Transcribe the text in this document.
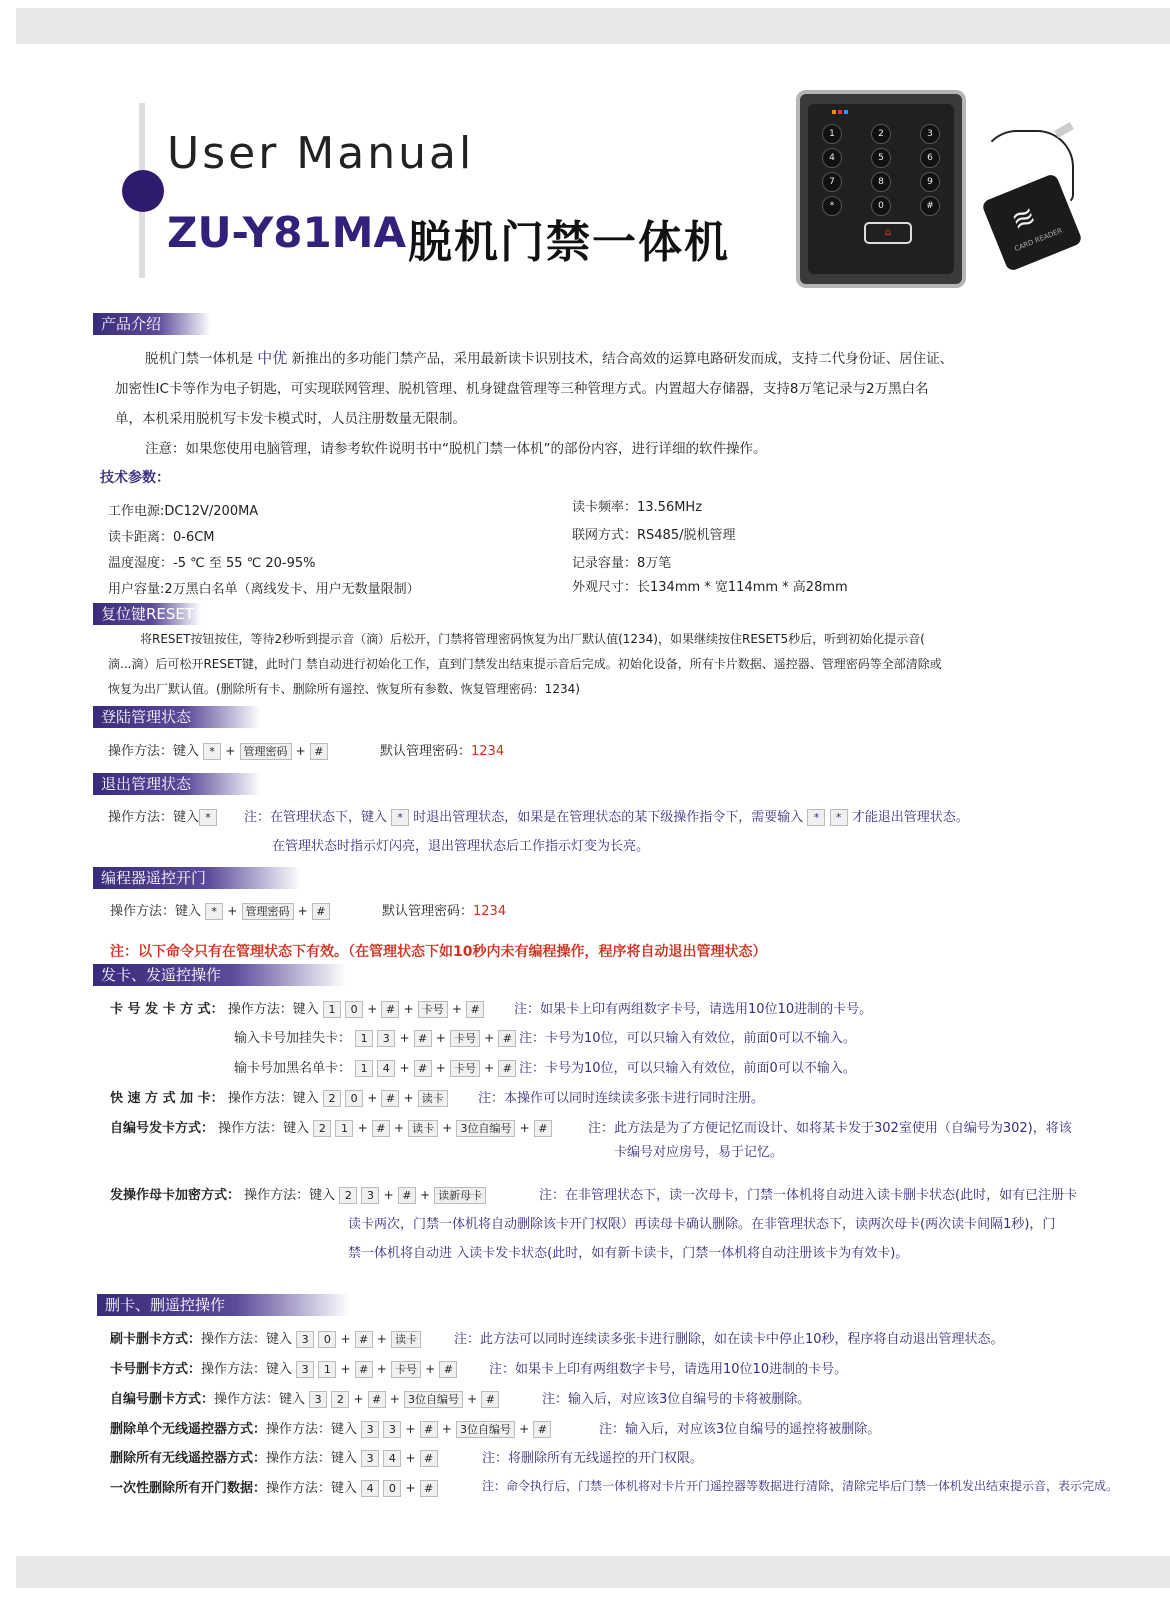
User Manual
ZU-Y81MA 脱机门禁一体机
1	2	3
4	5	6
7	8	9
*	0	#
⌂	≋
CARD READER
产品介绍
脱机门禁一体机是 中优 新推出的多功能门禁产品，采用最新读卡识别技术，结合高效的运算电路研发而成，支持二代身份证、居住证、
加密性IC卡等作为电子钥匙，可实现联网管理、脱机管理、机身键盘管理等三种管理方式。内置超大存储器，支持8万笔记录与2万黑白名
单，本机采用脱机写卡发卡模式时，人员注册数量无限制。
注意：如果您使用电脑管理，请参考软件说明书中“脱机门禁一体机”的部份内容，进行详细的软件操作。
技术参数：
工作电源:DC12V/200MA
读卡距离：0-6CM
温度湿度：-5 ℃ 至 55 ℃ 20-95%
用户容量:2万黑白名单（离线发卡、用户无数量限制）
读卡频率：13.56MHz
联网方式：RS485/脱机管理
记录容量：8万笔
外观尺寸：长134mm * 宽114mm * 高28mm
复位键RESET
将RESET按钮按住，等待2秒听到提示音（滴）后松开，门禁将管理密码恢复为出厂默认值(1234)，如果继续按住RESET5秒后，听到初始化提示音(
滴...滴）后可松开RESET键，此时门 禁自动进行初始化工作，直到门禁发出结束提示音后完成。初始化设备，所有卡片数据、遥控器、管理密码等全部清除或
恢复为出厂默认值。(删除所有卡、删除所有遥控、恢复所有参数、恢复管理密码：1234)
登陆管理状态
操作方法：键入 * + 管理密码 + #	默认管理密码：1234
退出管理状态
操作方法：键入 *	注：在管理状态下，键入 * 时退出管理状态，如果是在管理状态的某下级操作指令下，需要输入 * * 才能退出管理状态。
在管理状态时指示灯闪亮，退出管理状态后工作指示灯变为长亮。
编程器遥控开门
操作方法：键入 * + 管理密码 + #	默认管理密码：1234
注：以下命令只有在管理状态下有效。（在管理状态下如10秒内未有编程操作，程序将自动退出管理状态）
发卡、发遥控操作
卡 号 发 卡 方 式： 操作方法：键入 1 0 + # + 卡号 + #	注：如果卡上印有两组数字卡号，请选用10位10进制的卡号。
输入卡号加挂失卡： 1 3 + # + 卡号 + # 注：卡号为10位，可以只输入有效位，前面0可以不输入。
输卡号加黑名单卡： 1 4 + # + 卡号 + # 注：卡号为10位，可以只输入有效位，前面0可以不输入。
快 速 方 式 加 卡： 操作方法：键入 2 0 + # + 读卡	注：本操作可以同时连续读多张卡进行同时注册。
自编号发卡方式： 操作方法：键入 2 1 + # + 读卡 + 3位自编号 + #	注：此方法是为了方便记忆而设计、如将某卡发于302室使用（自编号为302)，将该
卡编号对应房号，易于记忆。
发操作母卡加密方式： 操作方法：键入 2 3 + # + 读新母卡	注：在非管理状态下，读一次母卡，门禁一体机将自动进入读卡删卡状态(此时，如有已注册卡
读卡两次，门禁一体机将自动删除该卡开门权限）再读母卡确认删除。在非管理状态下，读两次母卡(两次读卡间隔1秒)，门
禁一体机将自动进 入读卡发卡状态(此时，如有新卡读卡，门禁一体机将自动注册该卡为有效卡)。
删卡、删遥控操作
刷卡删卡方式：操作方法：键入 3 0 + # + 读卡	注：此方法可以同时连续读多张卡进行删除，如在读卡中停止10秒，程序将自动退出管理状态。
卡号删卡方式：操作方法：键入 3 1 + # + 卡号 + #	注：如果卡上印有两组数字卡号，请选用10位10进制的卡号。
自编号删卡方式：操作方法：键入 3 2 + # + 3位自编号 + #	注：输入后，对应该3位自编号的卡将被删除。
删除单个无线遥控器方式：操作方法：键入 3 3 + # + 3位自编号 + #	注：输入后，对应该3位自编号的遥控将被删除。
删除所有无线遥控器方式：操作方法：键入 3 4 + #	注：将删除所有无线遥控的开门权限。
一次性删除所有开门数据：操作方法：键入 4 0 + #	注：命令执行后，门禁一体机将对卡片开门遥控器等数据进行清除，清除完毕后门禁一体机发出结束提示音，表示完成。
